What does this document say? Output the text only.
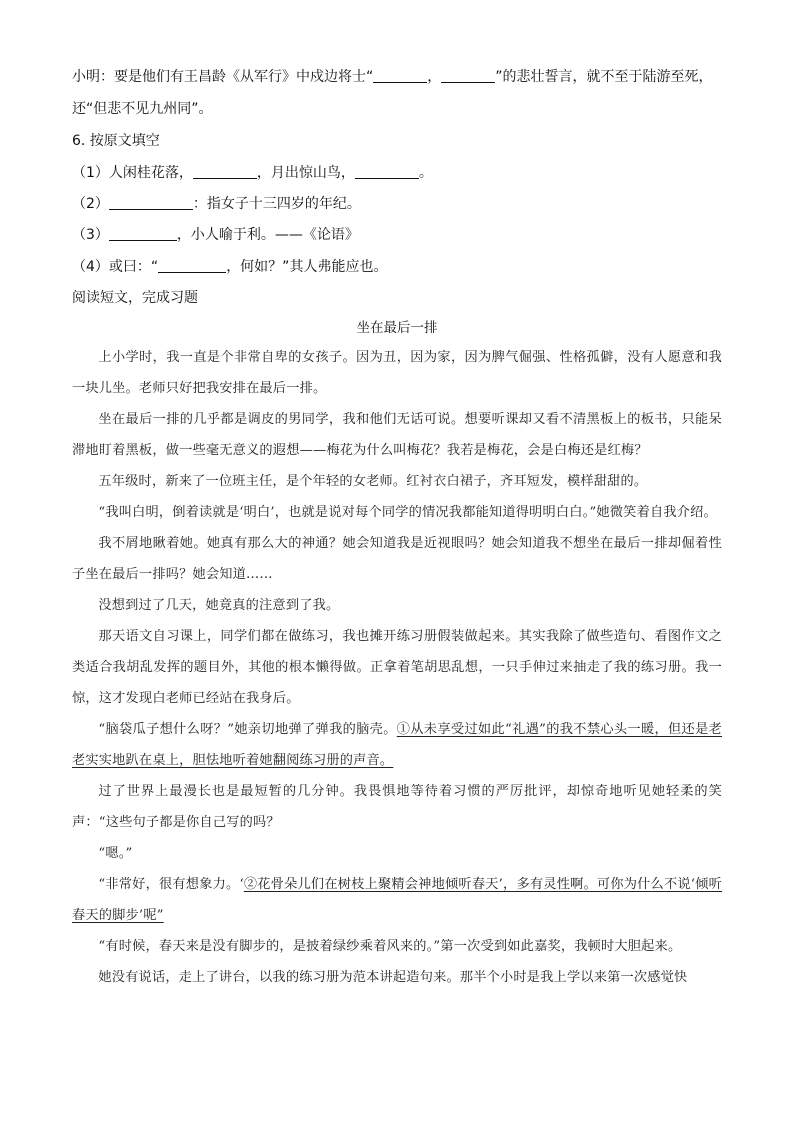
小明：要是他们有王昌龄《从军行》中戍边将士“	，	”的悲壮誓言，就不至于陆游至死，
还“但悲不见九州同”。
6. 按原文填空
（1）人闲桂花落，	，月出惊山鸟，	。
（2）	：指女子十三四岁的年纪。
（3）	，小人喻于利。——《论语》
（4）或曰：“	，何如？”其人弗能应也。
阅读短文，完成习题
坐在最后一排

上小学时，我一直是个非常自卑的女孩子。因为丑，因为家，因为脾气倔强、性格孤僻，没有人愿意和我一块儿坐。老师只好把我安排在最后一排。

坐在最后一排的几乎都是调皮的男同学，我和他们无话可说。想要听课却又看不清黑板上的板书，只能呆滞地盯着黑板，做一些毫无意义的遐想——梅花为什么叫梅花？我若是梅花，会是白梅还是红梅？

五年级时，新来了一位班主任，是个年轻的女老师。红衬衣白裙子，齐耳短发，模样甜甜的。

“我叫白明，倒着读就是‘明白’，也就是说对每个同学的情况我都能知道得明明白白。”她微笑着自我介绍。

我不屑地瞅着她。她真有那么大的神通？她会知道我是近视眼吗？她会知道我不想坐在最后一排却倔着性子坐在最后一排吗？她会知道……

没想到过了几天，她竟真的注意到了我。

那天语文自习课上，同学们都在做练习，我也摊开练习册假装做起来。其实我除了做些造句、看图作文之类适合我胡乱发挥的题目外，其他的根本懒得做。正拿着笔胡思乱想，一只手伸过来抽走了我的练习册。我一惊，这才发现白老师已经站在我身后。

“脑袋瓜子想什么呀？”她亲切地弹了弹我的脑壳。①从未享受过如此“礼遇”的我不禁心头一暖，但还是老老实实地趴在桌上，胆怯地听着她翻阅练习册的声音。

过了世界上最漫长也是最短暂的几分钟。我畏惧地等待着习惯的严厉批评，却惊奇地听见她轻柔的笑声：“这些句子都是你自己写的吗？

“嗯。”

“非常好，很有想象力。‘②花骨朵儿们在树枝上聚精会神地倾听春天’，多有灵性啊。可你为什么不说‘倾听春天的脚步’呢”

“有时候，春天来是没有脚步的，是披着绿纱乘着风来的。”第一次受到如此嘉奖，我顿时大胆起来。

她没有说话，走上了讲台，以我的练习册为范本讲起造句来。那半个小时是我上学以来第一次感觉快
